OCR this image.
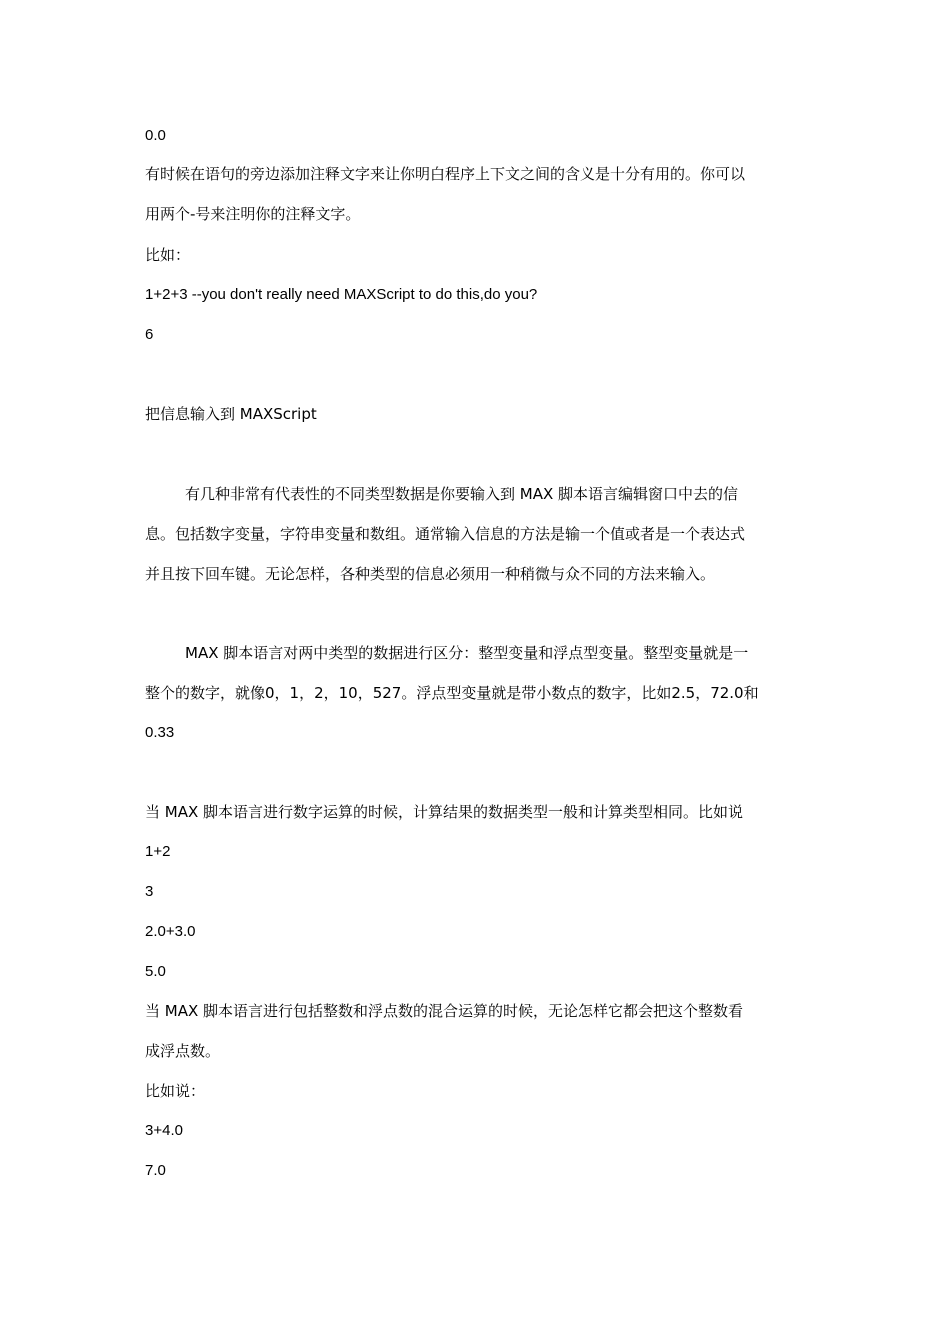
0.0
有时候在语句的旁边添加注释文字来让你明白程序上下文之间的含义是十分有用的。你可以
用两个-号来注明你的注释文字。
比如：
1+2+3 --you don't really need MAXScript to do this,do you?
6
把信息输入到 MAXScript
有几种非常有代表性的不同类型数据是你要输入到 MAX 脚本语言编辑窗口中去的信
息。包括数字变量，字符串变量和数组。通常输入信息的方法是输一个值或者是一个表达式
并且按下回车键。无论怎样，各种类型的信息必须用一种稍微与众不同的方法来输入。
MAX 脚本语言对两中类型的数据进行区分：整型变量和浮点型变量。整型变量就是一
整个的数字，就像0，1，2，10，527。浮点型变量就是带小数点的数字，比如2.5，72.0和
0.33
当 MAX 脚本语言进行数字运算的时候，计算结果的数据类型一般和计算类型相同。比如说
1+2
3
2.0+3.0
5.0
当 MAX 脚本语言进行包括整数和浮点数的混合运算的时候，无论怎样它都会把这个整数看
成浮点数。
比如说：
3+4.0
7.0
